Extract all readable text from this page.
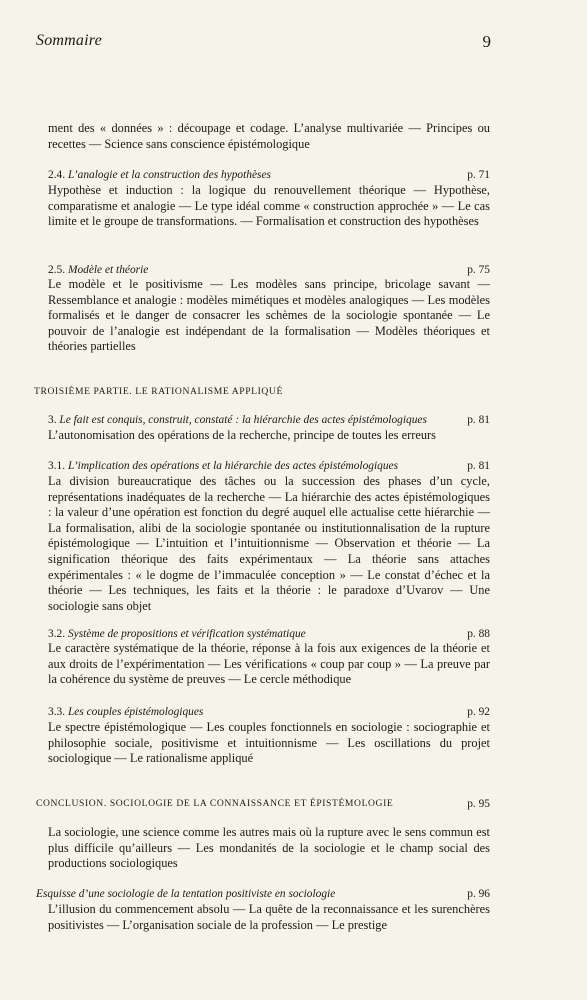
Sommaire	9
ment des « données » : découpage et codage. L’analyse multivariée — Principes ou recettes — Science sans conscience épistémologique
2.4. L’analogie et la construction des hypothèses	p. 71
Hypothèse et induction : la logique du renouvellement théorique — Hypothèse, comparatisme et analogie — Le type idéal comme « construction approchée » — Le cas limite et le groupe de transformations. — Formalisation et construction des hypothèses
2.5. Modèle et théorie	p. 75
Le modèle et le positivisme — Les modèles sans principe, bricolage savant — Ressemblance et analogie : modèles mimétiques et modèles analogiques — Les modèles formalisés et le danger de consacrer les schèmes de la sociologie spontanée — Le pouvoir de l’analogie est indépendant de la formalisation — Modèles théoriques et théories partielles
TROISIÈME PARTIE. LE RATIONALISME APPLIQUÉ
3. Le fait est conquis, construit, constaté : la hiérarchie des actes épistémologiques	p. 81
L’autonomisation des opérations de la recherche, principe de toutes les erreurs
3.1. L’implication des opérations et la hiérarchie des actes épistémologiques	p. 81
La division bureaucratique des tâches ou la succession des phases d’un cycle, représentations inadéquates de la recherche — La hiérarchie des actes épistémologiques : la valeur d’une opération est fonction du degré auquel elle actualise cette hiérarchie — La formalisation, alibi de la sociologie spontanée ou institutionnalisation de la rupture épistémologique — L’intuition et l’intuitionnisme — Observation et théorie — La signification théorique des faits expérimentaux — La théorie sans attaches expérimentales : « le dogme de l’immaculée conception » — Le constat d’échec et la théorie — Les techniques, les faits et la théorie : le paradoxe d’Uvarov — Une sociologie sans objet
3.2. Système de propositions et vérification systématique	p. 88
Le caractère systématique de la théorie, réponse à la fois aux exigences de la théorie et aux droits de l’expérimentation — Les vérifications « coup par coup » — La preuve par la cohérence du système de preuves — Le cercle méthodique
3.3. Les couples épistémologiques	p. 92
Le spectre épistémologique — Les couples fonctionnels en sociologie : sociographie et philosophie sociale, positivisme et intuitionnisme — Les oscillations du projet sociologique — Le rationalisme appliqué
CONCLUSION. SOCIOLOGIE DE LA CONNAISSANCE ET ÉPISTÉMOLOGIE	p. 95
La sociologie, une science comme les autres mais où la rupture avec le sens commun est plus difficile qu’ailleurs — Les mondanités de la sociologie et le champ social des productions sociologiques
Esquisse d’une sociologie de la tentation positiviste en sociologie	p. 96
L’illusion du commencement absolu — La quête de la reconnaissance et les surenchères positivistes — L’organisation sociale de la profession — Le prestige
